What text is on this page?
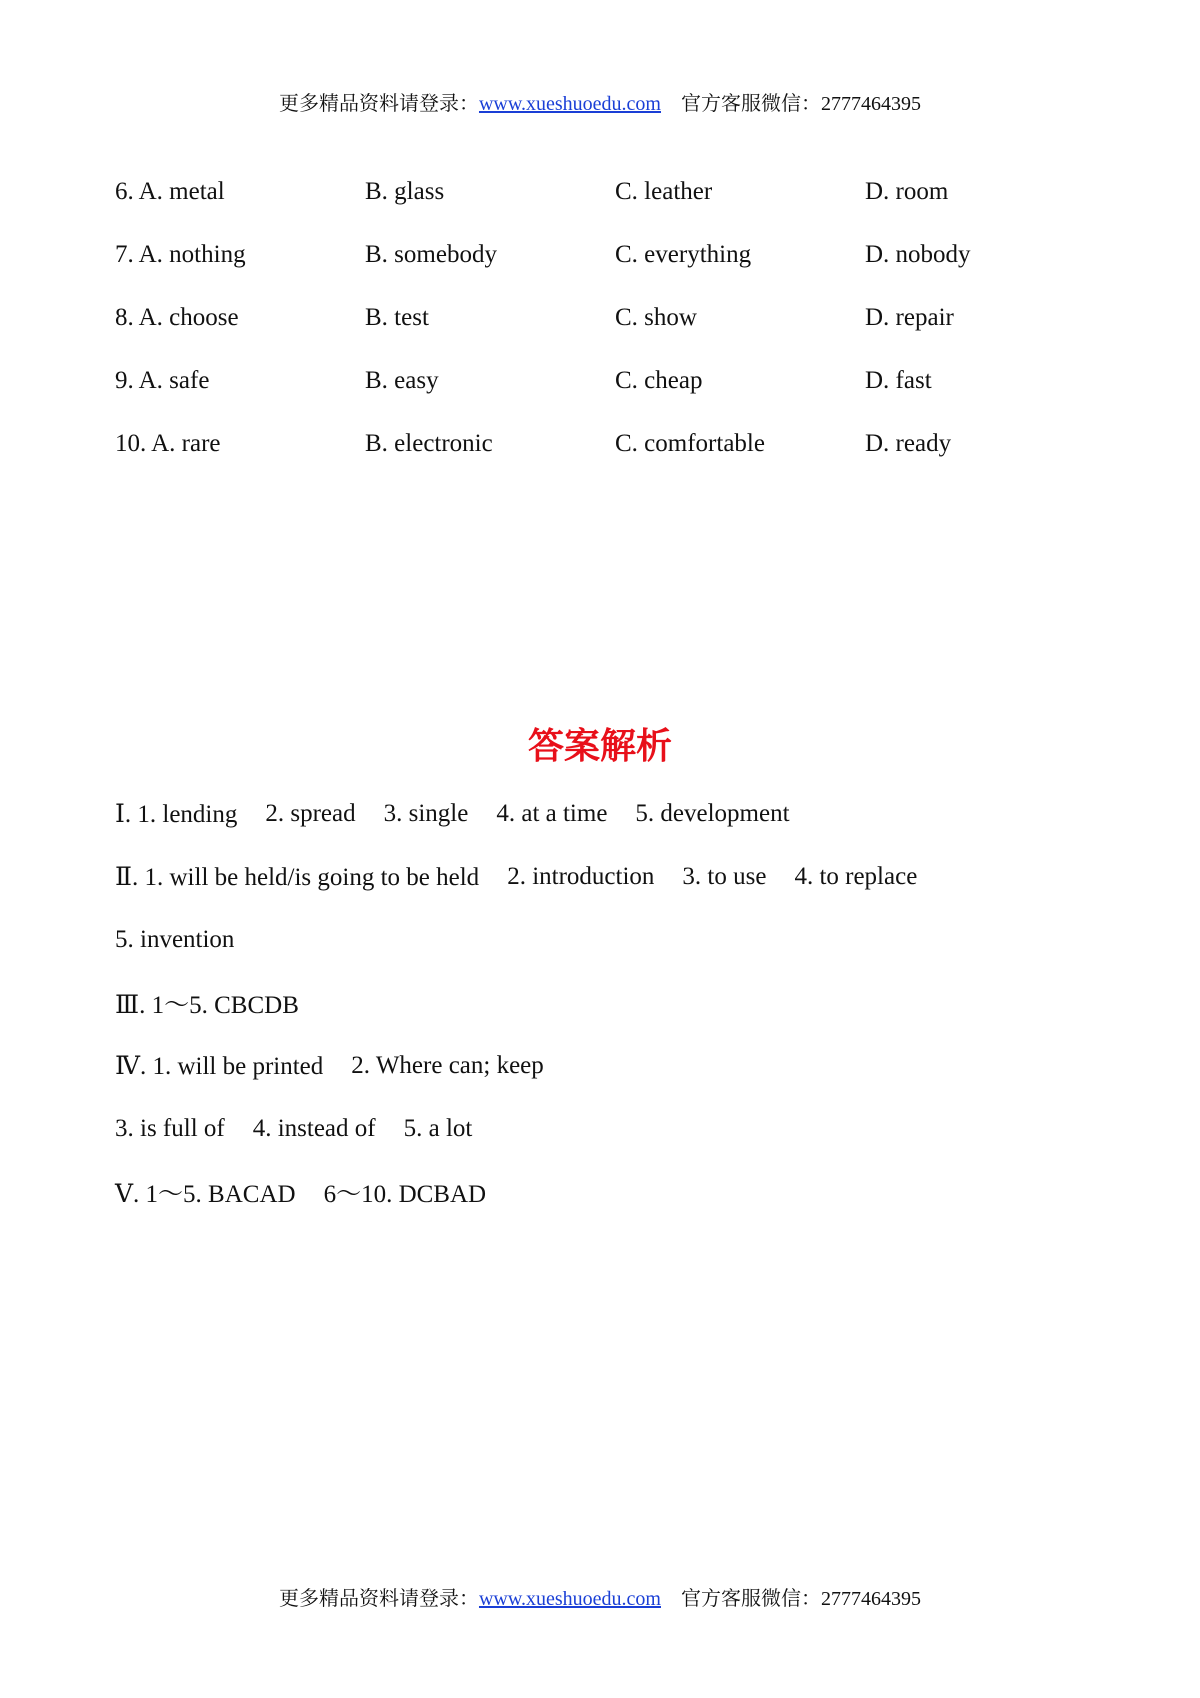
更多精品资料请登录：www.xueshuoedu.com 官方客服微信：2777464395
6. A. metal	B. glass	C. leather	D. room
7. A. nothing	B. somebody	C. everything	D. nobody
8. A. choose	B. test	C. show	D. repair
9. A. safe	B. easy	C. cheap	D. fast
10. A. rare	B. electronic	C. comfortable	D. ready
答案解析
Ⅰ. 1. lending 2. spread 3. single 4. at a time 5. development
Ⅱ. 1. will be held/is going to be held 2. introduction 3. to use 4. to replace
5. invention
Ⅲ. 1～5. CBCDB
Ⅳ. 1. will be printed 2. Where can; keep
3. is full of 4. instead of 5. a lot
Ⅴ. 1～5. BACAD 6～10. DCBAD
更多精品资料请登录：www.xueshuoedu.com 官方客服微信：2777464395
